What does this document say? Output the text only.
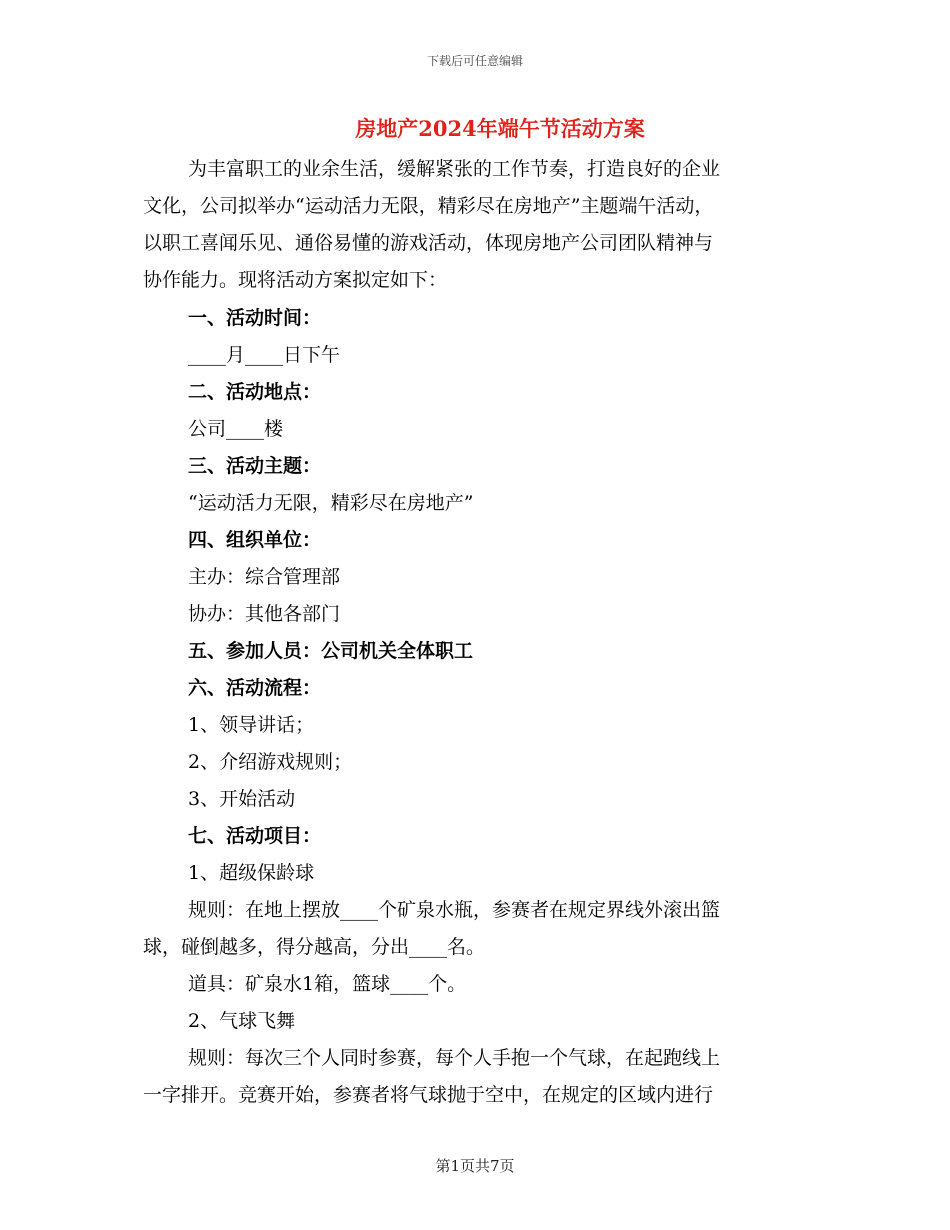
下载后可任意编辑
房地产2024年端午节活动方案
为丰富职工的业余生活，缓解紧张的工作节奏，打造良好的企业
文化，公司拟举办“运动活力无限，精彩尽在房地产”主题端午活动，
以职工喜闻乐见、通俗易懂的游戏活动，体现房地产公司团队精神与
协作能力。现将活动方案拟定如下：
一、活动时间：
____月____日下午
二、活动地点：
公司____楼
三、活动主题：
“运动活力无限，精彩尽在房地产”
四、组织单位：
主办：综合管理部
协办：其他各部门
五、参加人员：公司机关全体职工
六、活动流程：
1、领导讲话；
2、介绍游戏规则；
3、开始活动
七、活动项目：
1、超级保龄球
规则：在地上摆放____个矿泉水瓶，参赛者在规定界线外滚出篮
球，碰倒越多，得分越高，分出____名。
道具：矿泉水1箱，篮球____个。
2、气球飞舞
规则：每次三个人同时参赛，每个人手抱一个气球，在起跑线上
一字排开。竞赛开始，参赛者将气球抛于空中，在规定的区域内进行
第1页共7页
